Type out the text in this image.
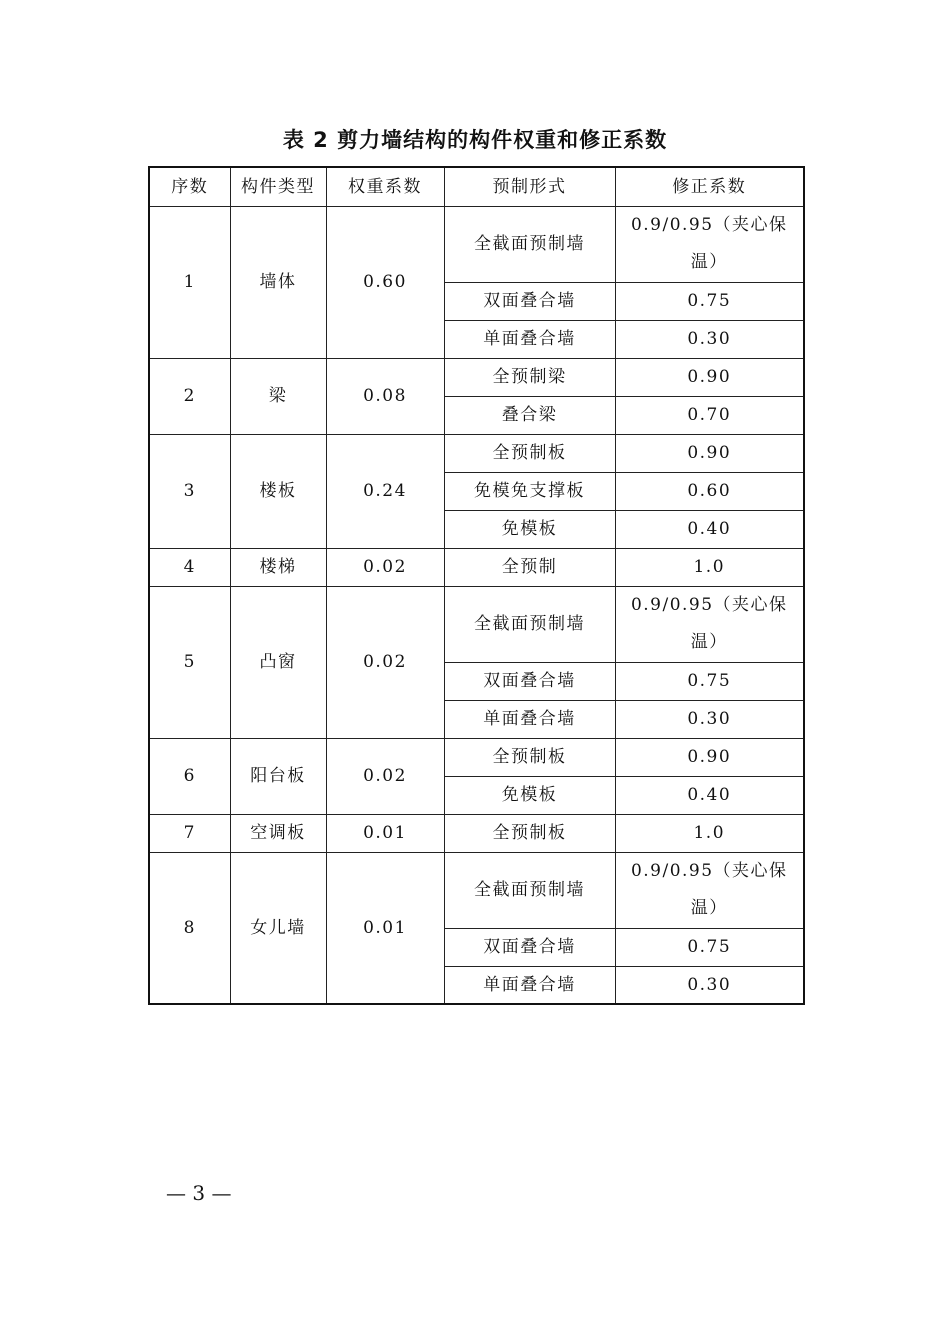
表 2 剪力墙结构的构件权重和修正系数
序数	构件类型	权重系数	预制形式	修正系数
1	墙体	0.60	全截面预制墙	0.9/0.95（夹心保温）
			双面叠合墙	0.75
			单面叠合墙	0.30
2	梁	0.08	全预制梁	0.90
			叠合梁	0.70
3	楼板	0.24	全预制板	0.90
			免模免支撑板	0.60
			免模板	0.40
4	楼梯	0.02	全预制	1.0
5	凸窗	0.02	全截面预制墙	0.9/0.95（夹心保温）
			双面叠合墙	0.75
			单面叠合墙	0.30
6	阳台板	0.02	全预制板	0.90
			免模板	0.40
7	空调板	0.01	全预制板	1.0
8	女儿墙	0.01	全截面预制墙	0.9/0.95（夹心保温）
			双面叠合墙	0.75
			单面叠合墙	0.30
— 3 —
